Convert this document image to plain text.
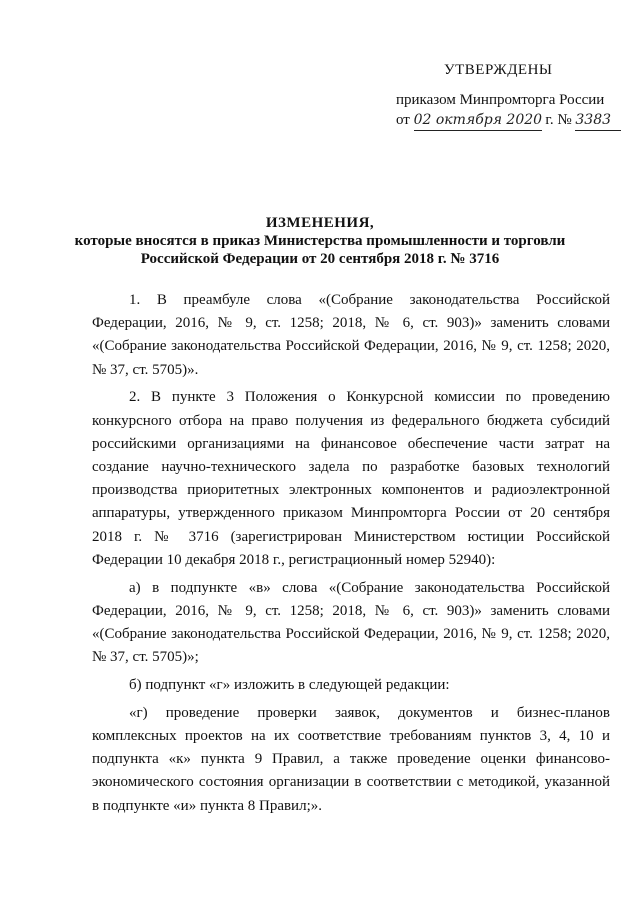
УТВЕРЖДЕНЫ
приказом Минпромторга России
от 02 октября 2020 г. № 3383
ИЗМЕНЕНИЯ,
которые вносятся в приказ Министерства промышленности и торговли
Российской Федерации от 20 сентября 2018 г. № 3716

1. В преамбуле слова «(Собрание законодательства Российской Федерации, 2016, № 9, ст. 1258; 2018, № 6, ст. 903)» заменить словами «(Собрание законодательства Российской Федерации, 2016, № 9, ст. 1258; 2020, № 37, ст. 5705)».

2. В пункте 3 Положения о Конкурсной комиссии по проведению конкурсного отбора на право получения из федерального бюджета субсидий российскими организациями на финансовое обеспечение части затрат на создание научно-технического задела по разработке базовых технологий производства приоритетных электронных компонентов и радиоэлектронной аппаратуры, утвержденного приказом Минпромторга России от 20 сентября 2018 г. № 3716 (зарегистрирован Министерством юстиции Российской Федерации 10 декабря 2018 г., регистрационный номер 52940):

а) в подпункте «в» слова «(Собрание законодательства Российской Федерации, 2016, № 9, ст. 1258; 2018, № 6, ст. 903)» заменить словами «(Собрание законодательства Российской Федерации, 2016, № 9, ст. 1258; 2020, № 37, ст. 5705)»;

б) подпункт «г» изложить в следующей редакции:

«г) проведение проверки заявок, документов и бизнес-планов комплексных проектов на их соответствие требованиям пунктов 3, 4, 10 и подпункта «к» пункта 9 Правил, а также проведение оценки финансово-экономического состояния организации в соответствии с методикой, указанной в подпункте «и» пункта 8 Правил;».
